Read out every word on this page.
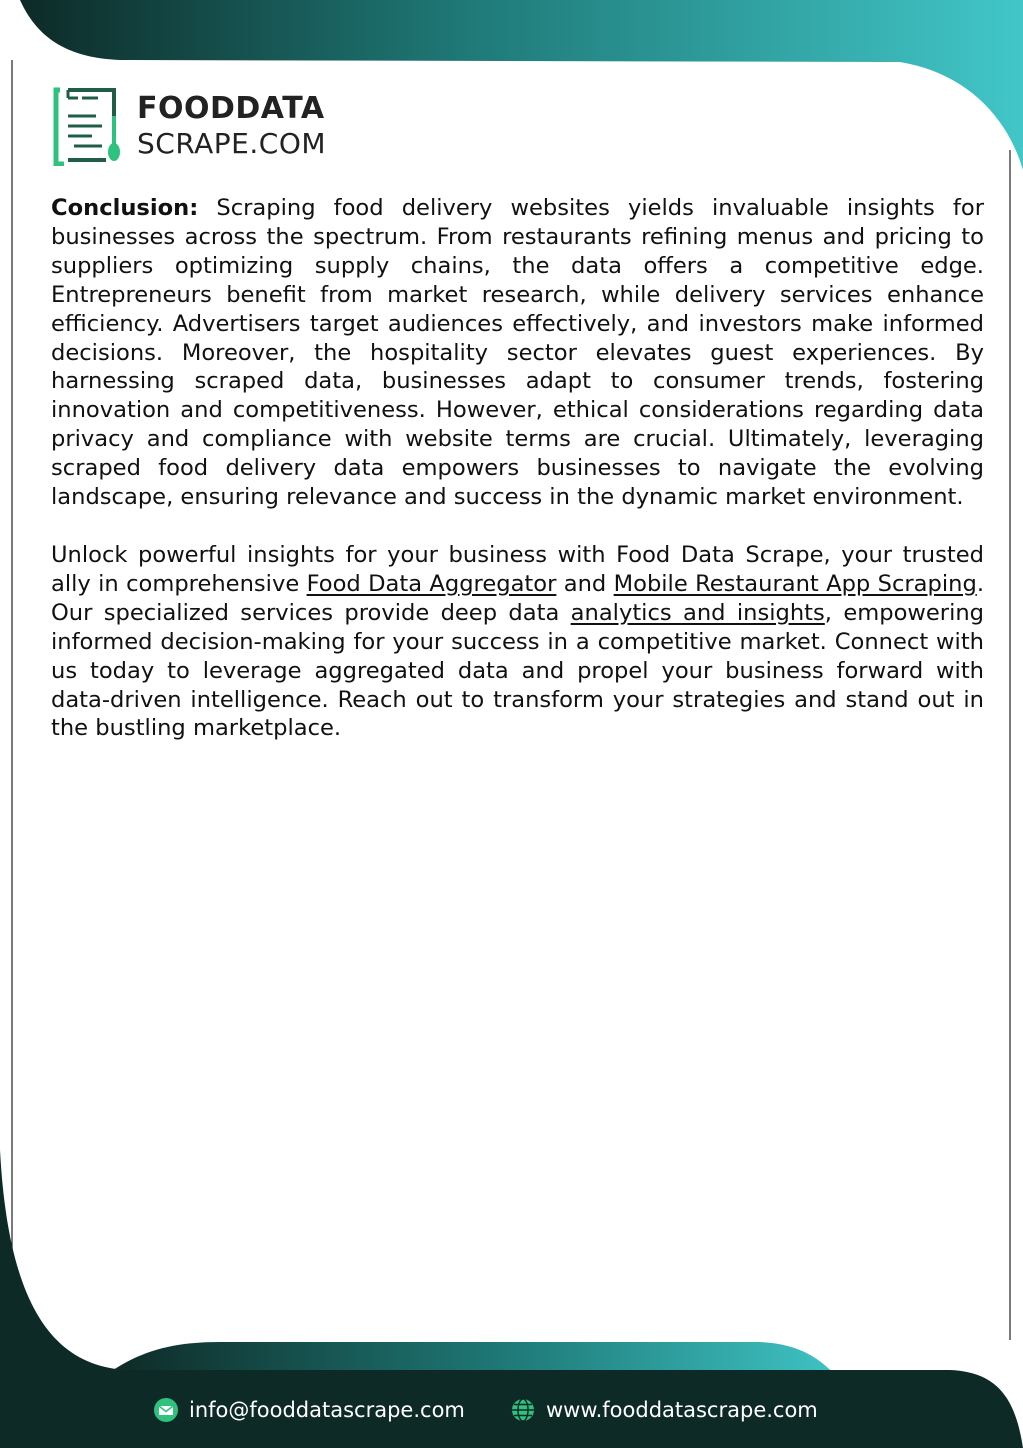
FOODDATA
SCRAPE.COM

Conclusion: Scraping food delivery websites yields invaluable insights for businesses across the spectrum. From restaurants refining menus and pricing to suppliers optimizing supply chains, the data offers a competitive edge. Entrepreneurs benefit from market research, while delivery services enhance efficiency. Advertisers target audiences effectively, and investors make informed decisions. Moreover, the hospitality sector elevates guest experiences. By harnessing scraped data, businesses adapt to consumer trends, fostering innovation and competitiveness. However, ethical considerations regarding data privacy and compliance with website terms are crucial. Ultimately, leveraging scraped food delivery data empowers businesses to navigate the evolving landscape, ensuring relevance and success in the dynamic market environment.

Unlock powerful insights for your business with Food Data Scrape, your trusted ally in comprehensive Food Data Aggregator and Mobile Restaurant App Scraping. Our specialized services provide deep data analytics and insights, empowering informed decision-making for your success in a competitive market. Connect with us today to leverage aggregated data and propel your business forward with data-driven intelligence. Reach out to transform your strategies and stand out in the bustling marketplace.

info@fooddatascrape.com	www.fooddatascrape.com
